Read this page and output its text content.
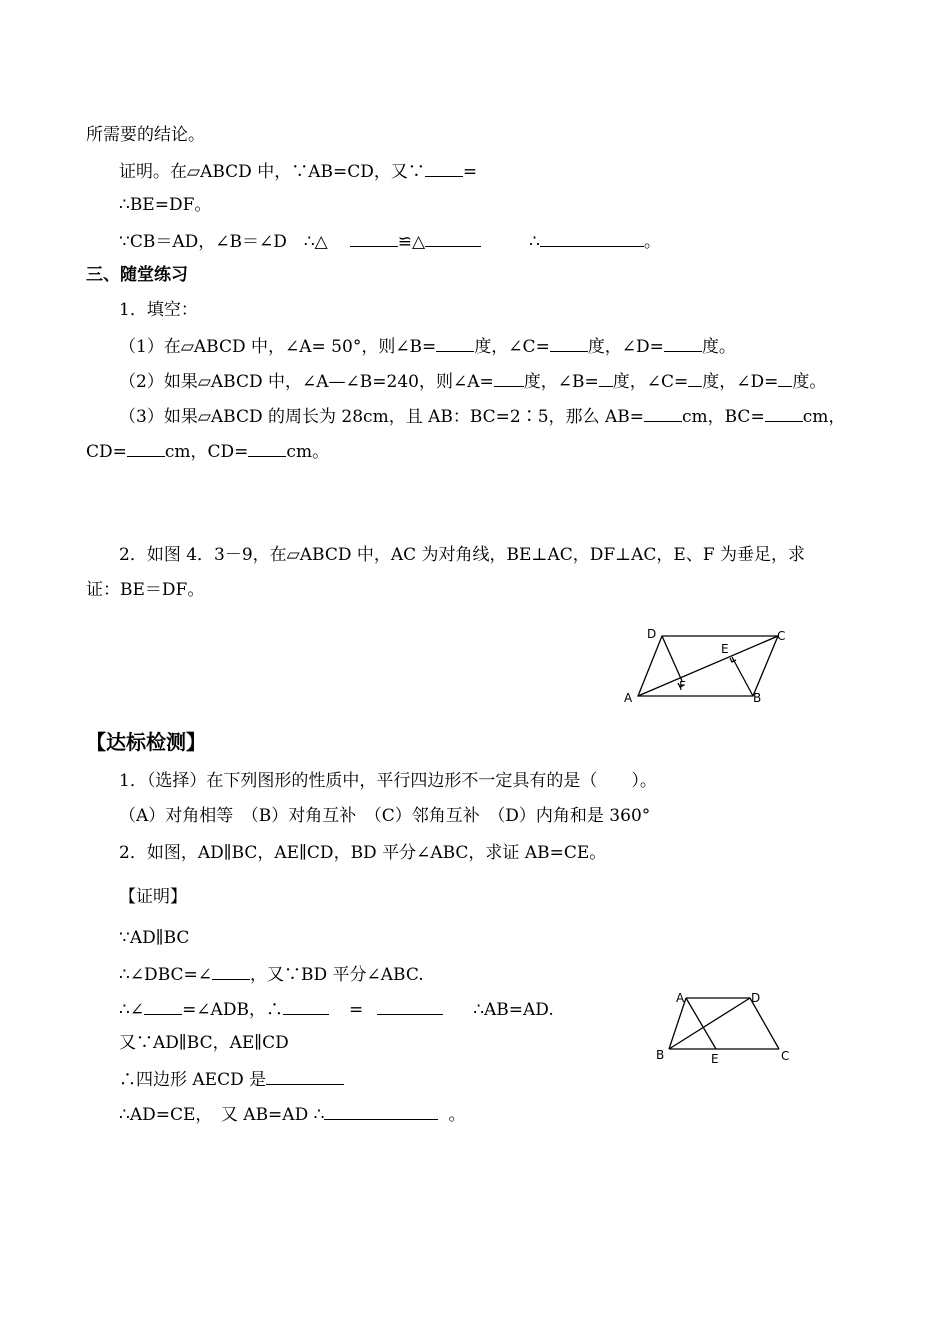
所需要的结论。
证明。在▱ABCD 中，∵AB=CD，又∵ =
∴BE=DF。
∵CB＝AD，∠B＝∠D　∴△	≌△	∴	。
三、随堂练习
1．填空：
（1）在▱ABCD 中，∠A= 50°，则∠B= 度，∠C= 度，∠D= 度。
（2）如果▱ABCD 中，∠A—∠B=240，则∠A= 度，∠B= 度，∠C= 度，∠D= 度。
（3）如果▱ABCD 的周长为 28cm，且 AB：BC=2∶5，那么 AB= cm，BC= cm，
CD= cm，CD= cm。
2．如图 4．3－9，在▱ABCD 中，AC 为对角线，BE⊥AC，DF⊥AC，E、F 为垂足，求
证：BE＝DF。
D	C
E
F
A	B
【达标检测】
1．（选择）在下列图形的性质中，平行四边形不一定具有的是（　　）。
（A）对角相等　（B）对角互补　（C）邻角互补　（D）内角和是 360°
2．如图，AD∥BC，AE∥CD，BD 平分∠ABC，求证 AB=CE。
【证明】
∵AD∥BC
∴∠DBC=∠ ，又∵BD 平分∠ABC.
∴∠ =∠ADB，∴	=	∴AB=AD.
又∵AD∥BC，AE∥CD
∴四边形 AECD 是
∴AD=CE，　又 AB=AD ∴	。
A	D
B	E	C
